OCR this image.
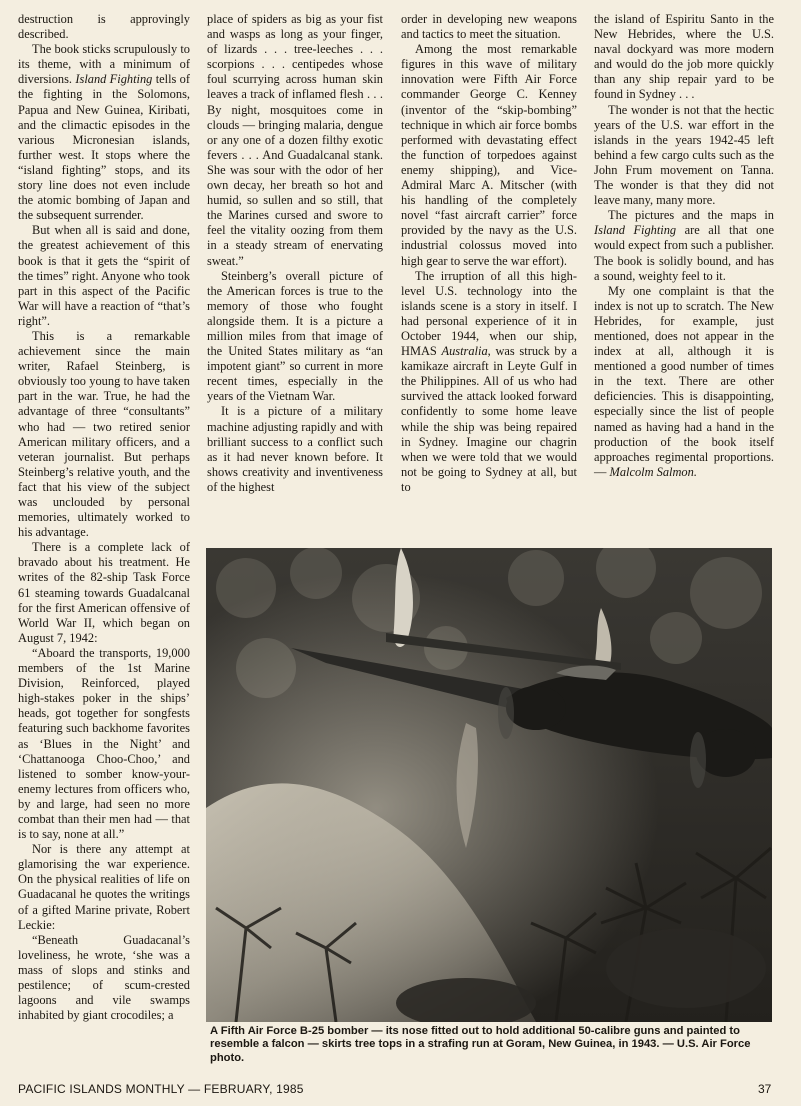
destruction is approvingly described.

The book sticks scrupulously to its theme, with a minimum of diversions. Island Fighting tells of the fighting in the Solomons, Papua and New Guinea, Kiribati, and the climactic episodes in the various Micronesian islands, further west. It stops where the “island fighting” stops, and its story line does not even include the atomic bombing of Japan and the subsequent surrender.

But when all is said and done, the greatest achievement of this book is that it gets the “spirit of the times” right. Anyone who took part in this aspect of the Pacific War will have a reaction of “that’s right”.

This is a remarkable achievement since the main writer, Rafael Steinberg, is obviously too young to have taken part in the war. True, he had the advantage of three “consultants” who had — two retired senior American military officers, and a veteran journalist. But perhaps Steinberg’s relative youth, and the fact that his view of the subject was unclouded by personal memories, ultimately worked to his advantage.

There is a complete lack of bravado about his treatment. He writes of the 82-ship Task Force 61 steaming towards Guadalcanal for the first American offensive of World War II, which began on August 7, 1942:

“Aboard the transports, 19,000 members of the 1st Marine Division, Reinforced, played high-stakes poker in the ships’ heads, got together for songfests featuring such backhome favorites as ‘Blues in the Night’ and ‘Chattanooga Choo-Choo,’ and listened to somber know-your-enemy lectures from officers who, by and large, had seen no more combat than their men had — that is to say, none at all.”

Nor is there any attempt at glamorising the war experience. On the physical realities of life on Guadacanal he quotes the writings of a gifted Marine private, Robert Leckie:

“Beneath Guadacanal’s loveliness, he wrote, ‘she was a mass of slops and stinks and pestilence; of scum-crested lagoons and vile swamps inhabited by giant crocodiles; a

place of spiders as big as your fist and wasps as long as your finger, of lizards . . . tree-leeches . . . scorpions . . . centipedes whose foul scurrying across human skin leaves a track of inflamed flesh . . . By night, mosquitoes come in clouds — bringing malaria, dengue or any one of a dozen filthy exotic fevers . . . And Guadalcanal stank. She was sour with the odor of her own decay, her breath so hot and humid, so sullen and so still, that the Marines cursed and swore to feel the vitality oozing from them in a steady stream of enervating sweat.”

Steinberg’s overall picture of the American forces is true to the memory of those who fought alongside them. It is a picture a million miles from that image of the United States military as “an impotent giant” so current in more recent times, especially in the years of the Vietnam War.

It is a picture of a military machine adjusting rapidly and with brilliant success to a conflict such as it had never known before. It shows creativity and inventiveness of the highest

order in developing new weapons and tactics to meet the situation.

Among the most remarkable figures in this wave of military innovation were Fifth Air Force commander George C. Kenney (inventor of the “skip-bombing” technique in which air force bombs performed with devastating effect the function of torpedoes against enemy shipping), and Vice-Admiral Marc A. Mitscher (with his handling of the completely novel “fast aircraft carrier” force provided by the navy as the U.S. industrial colossus moved into high gear to serve the war effort).

The irruption of all this high-level U.S. technology into the islands scene is a story in itself. I had personal experience of it in October 1944, when our ship, HMAS Australia, was struck by a kamikaze aircraft in Leyte Gulf in the Philippines. All of us who had survived the attack looked forward confidently to some home leave while the ship was being repaired in Sydney. Imagine our chagrin when we were told that we would not be going to Sydney at all, but to

the island of Espiritu Santo in the New Hebrides, where the U.S. naval dockyard was more modern and would do the job more quickly than any ship repair yard to be found in Sydney . . .

The wonder is not that the hectic years of the U.S. war effort in the islands in the years 1942-45 left behind a few cargo cults such as the John Frum movement on Tanna. The wonder is that they did not leave many, many more.

The pictures and the maps in Island Fighting are all that one would expect from such a publisher. The book is solidly bound, and has a sound, weighty feel to it.

My one complaint is that the index is not up to scratch. The New Hebrides, for example, just mentioned, does not appear in the index at all, although it is mentioned a good number of times in the text. There are other deficiencies. This is disappointing, especially since the list of people named as having had a hand in the production of the book itself approaches regimental proportions. — Malcolm Salmon.

A Fifth Air Force B-25 bomber — its nose fitted out to hold additional 50-calibre guns and painted to resemble a falcon — skirts tree tops in a strafing run at Goram, New Guinea, in 1943. — U.S. Air Force photo.
PACIFIC ISLANDS MONTHLY — FEBRUARY, 1985	37
